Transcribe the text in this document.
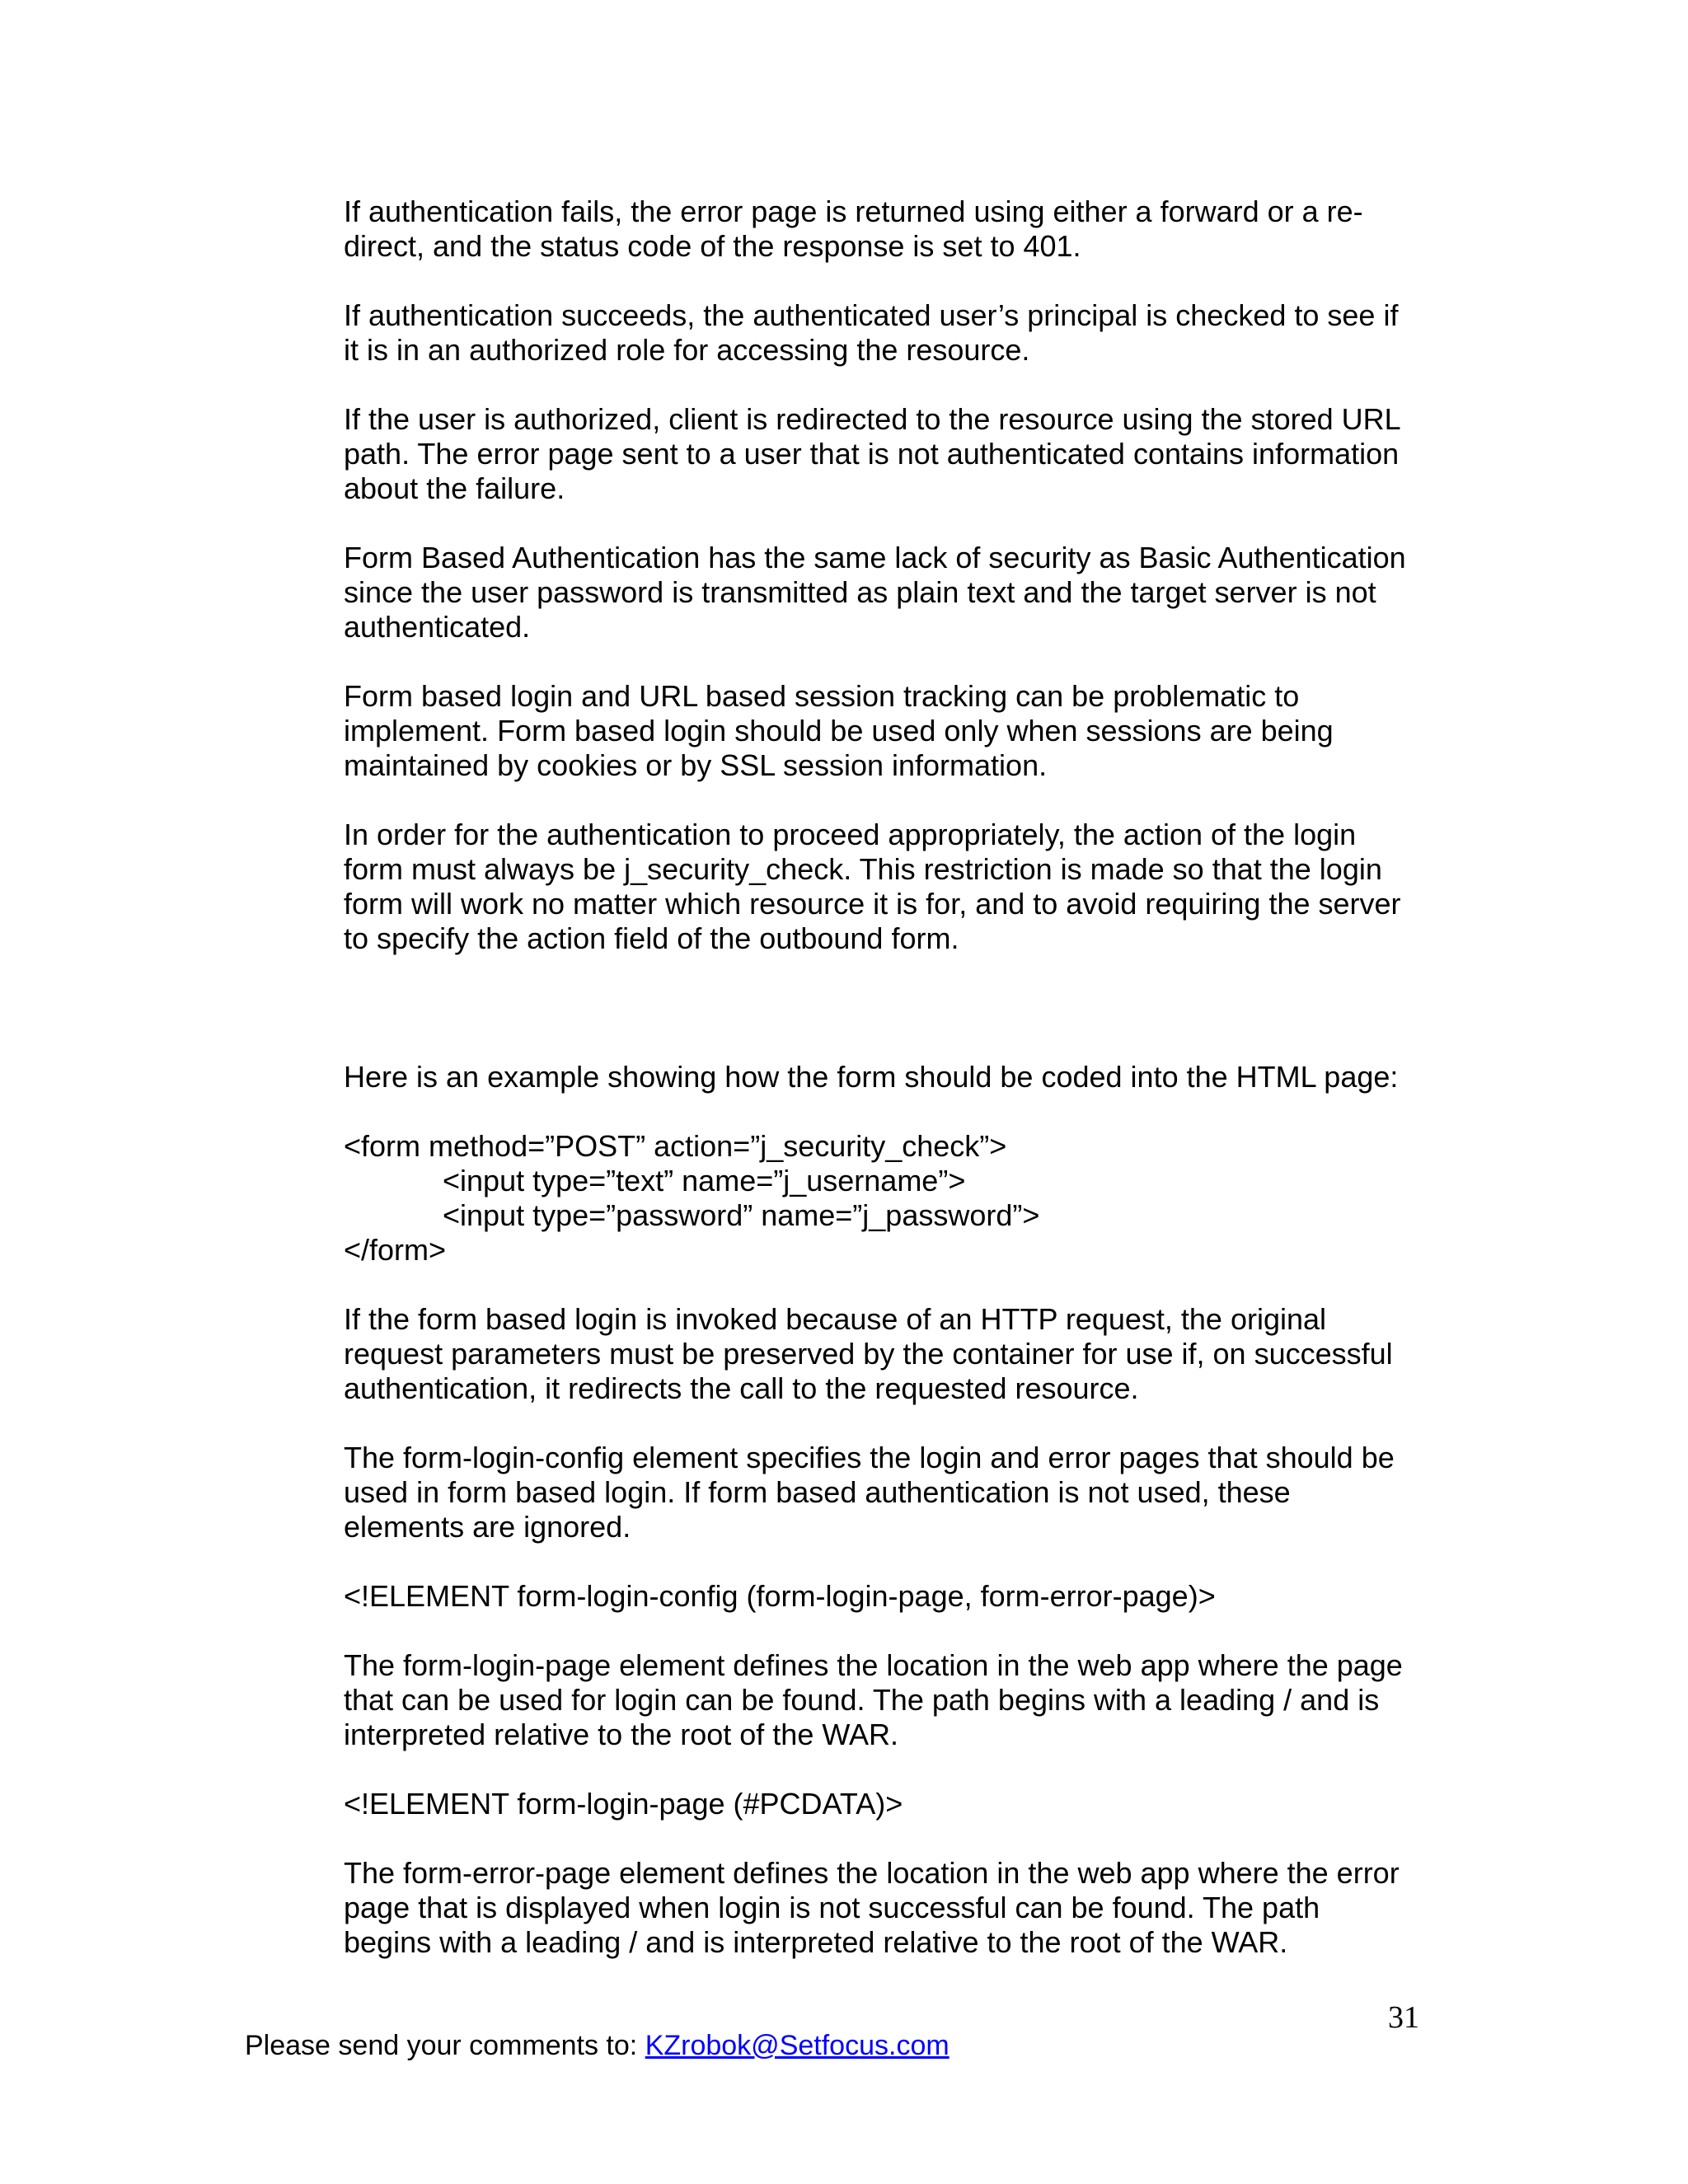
If authentication fails, the error page is returned using either a forward or a re-
direct, and the status code of the response is set to 401.

If authentication succeeds, the authenticated user’s principal is checked to see if
it is in an authorized role for accessing the resource.

If the user is authorized, client is redirected to the resource using the stored URL
path. The error page sent to a user that is not authenticated contains information
about the failure.

Form Based Authentication has the same lack of security as Basic Authentication
since the user password is transmitted as plain text and the target server is not
authenticated.

Form based login and URL based session tracking can be problematic to
implement. Form based login should be used only when sessions are being
maintained by cookies or by SSL session information.

In order for the authentication to proceed appropriately, the action of the login
form must always be j_security_check. This restriction is made so that the login
form will work no matter which resource it is for, and to avoid requiring the server
to specify the action field of the outbound form.

Here is an example showing how the form should be coded into the HTML page:

<form method=”POST” action=”j_security_check”>
<input type=”text” name=”j_username”>
<input type=”password” name=”j_password”>
</form>

If the form based login is invoked because of an HTTP request, the original
request parameters must be preserved by the container for use if, on successful
authentication, it redirects the call to the requested resource.

The form-login-config element specifies the login and error pages that should be
used in form based login. If form based authentication is not used, these
elements are ignored.

<!ELEMENT form-login-config (form-login-page, form-error-page)>

The form-login-page element defines the location in the web app where the page
that can be used for login can be found. The path begins with a leading / and is
interpreted relative to the root of the WAR.

<!ELEMENT form-login-page (#PCDATA)>

The form-error-page element defines the location in the web app where the error
page that is displayed when login is not successful can be found. The path
begins with a leading / and is interpreted relative to the root of the WAR.

31
Please send your comments to: KZrobok@Setfocus.com
